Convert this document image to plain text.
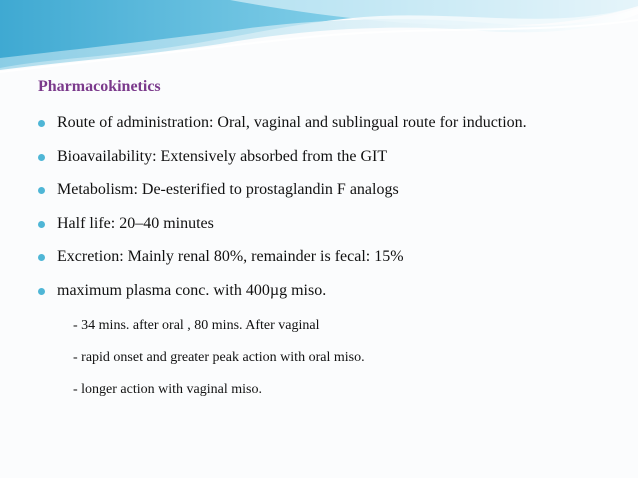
Pharmacokinetics
Route of administration: Oral, vaginal and sublingual route for induction.
Bioavailability: Extensively absorbed from the GIT
Metabolism: De-esterified to prostaglandin F analogs
Half life: 20–40 minutes
Excretion: Mainly renal 80%, remainder is fecal: 15%
maximum plasma conc. with 400µg miso.
- 34 mins. after oral , 80 mins. After vaginal
- rapid onset and greater peak action with oral miso.
- longer action with vaginal miso.
